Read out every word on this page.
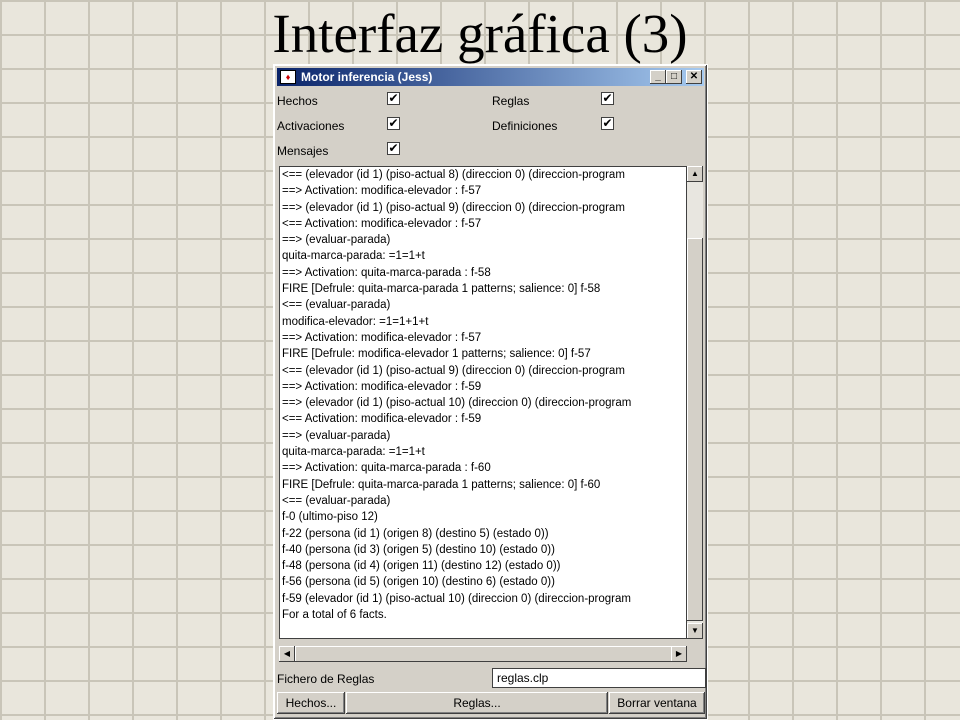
Interfaz gráfica (3)
♦ Motor inferencia (Jess)	_	□	✕
Hechos	✔	Reglas	✔
Activaciones	✔	Definiciones	✔
Mensajes	✔
<== (elevador (id 1) (piso-actual 8) (direccion 0) (direccion-program
==> Activation: modifica-elevador : f-57
==> (elevador (id 1) (piso-actual 9) (direccion 0) (direccion-program
<== Activation: modifica-elevador : f-57
==> (evaluar-parada)
quita-marca-parada: =1=1+t
==> Activation: quita-marca-parada : f-58
FIRE [Defrule: quita-marca-parada 1 patterns; salience: 0] f-58
<== (evaluar-parada)
modifica-elevador: =1=1+1+t
==> Activation: modifica-elevador : f-57
FIRE [Defrule: modifica-elevador 1 patterns; salience: 0] f-57
<== (elevador (id 1) (piso-actual 9) (direccion 0) (direccion-program
==> Activation: modifica-elevador : f-59
==> (elevador (id 1) (piso-actual 10) (direccion 0) (direccion-program
<== Activation: modifica-elevador : f-59
==> (evaluar-parada)
quita-marca-parada: =1=1+t
==> Activation: quita-marca-parada : f-60
FIRE [Defrule: quita-marca-parada 1 patterns; salience: 0] f-60
<== (evaluar-parada)
f-0 (ultimo-piso 12)
f-22 (persona (id 1) (origen 8) (destino 5) (estado 0))
f-40 (persona (id 3) (origen 5) (destino 10) (estado 0))
f-48 (persona (id 4) (origen 11) (destino 12) (estado 0))
f-56 (persona (id 5) (origen 10) (destino 6) (estado 0))
f-59 (elevador (id 1) (piso-actual 10) (direccion 0) (direccion-program
For a total of 6 facts.
▲
▼
◀	▶
Fichero de Reglas	reglas.clp
Hechos...	Reglas...	Borrar ventana
